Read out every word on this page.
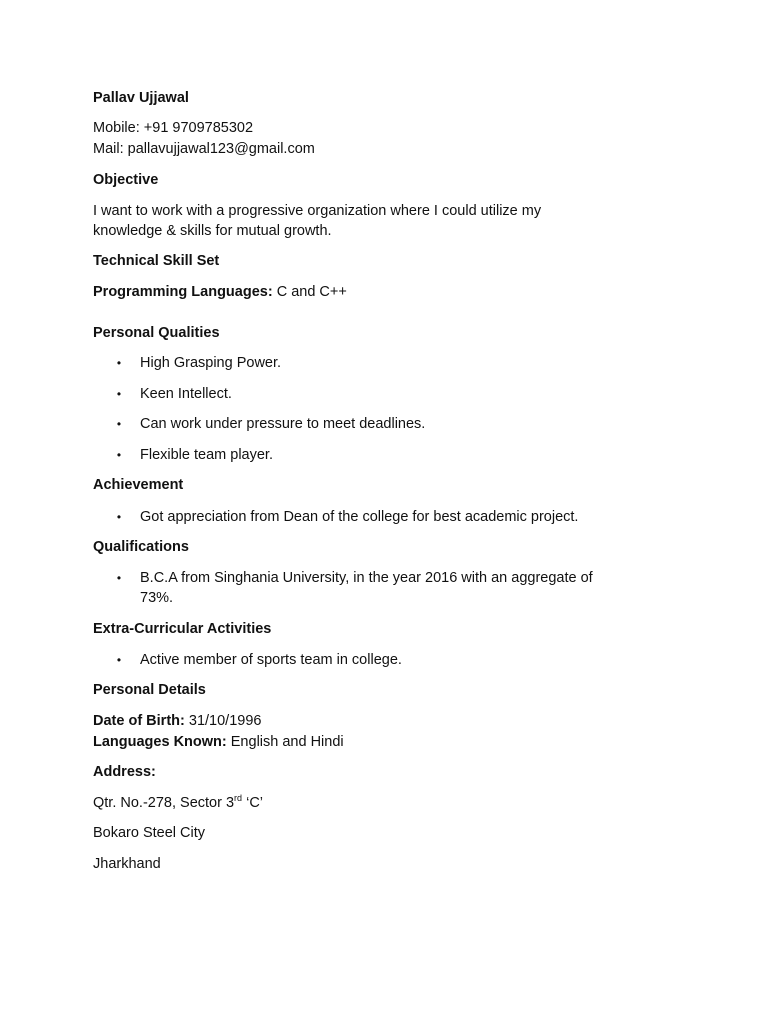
Pallav Ujjawal
Mobile: +91 9709785302
Mail: pallavujjawal123@gmail.com
Objective
I want to work with a progressive organization where I could utilize my
knowledge & skills for mutual growth.
Technical Skill Set
Programming Languages: C and C++
Personal Qualities
• High Grasping Power.
• Keen Intellect.
• Can work under pressure to meet deadlines.
• Flexible team player.
Achievement
• Got appreciation from Dean of the college for best academic project.
Qualifications
• B.C.A from Singhania University, in the year 2016 with an aggregate of
73%.
Extra-Curricular Activities
• Active member of sports team in college.
Personal Details
Date of Birth: 31/10/1996
Languages Known: English and Hindi
Address:
Qtr. No.-278, Sector 3rd ‘C’
Bokaro Steel City
Jharkhand
